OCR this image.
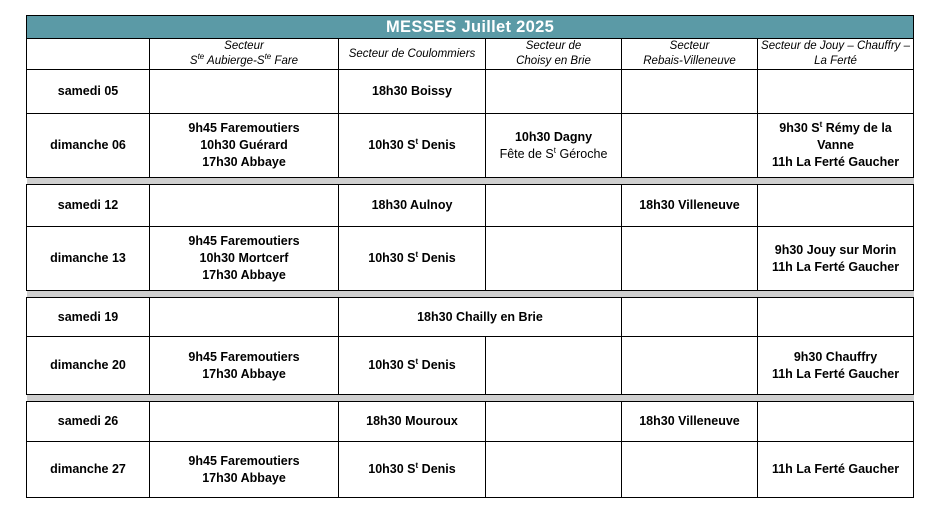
MESSES Juillet 2025					
	Secteur
$S^{te}$ Aubierge-$S^{te}$ Fare	Secteur de Coulommiers	Secteur de
Choisy en Brie	Secteur
Rebais-Villeneuve	Secteur de Jouy – Chauffry –
La Ferté
samedi 05		18h30 Boissy			
dimanche 06	9h45 Faremoutiers
10h30 Guérard
17h30 Abbaye	10h30 $S^t$ Denis	10h30 Dagny
Fête de $S^t$ Géroche		9h30 $S^t$ Rémy de la Vanne
11h La Ferté Gaucher

samedi 12		18h30 Aulnoy		18h30 Villeneuve	
dimanche 13	9h45 Faremoutiers
10h30 Mortcerf
17h30 Abbaye	10h30 $S^t$ Denis			9h30 Jouy sur Morin
11h La Ferté Gaucher

samedi 19		18h30 Chailly en Brie			
dimanche 20	9h45 Faremoutiers
17h30 Abbaye	10h30 $S^t$ Denis			9h30 Chauffry
11h La Ferté Gaucher

samedi 26		18h30 Mouroux		18h30 Villeneuve	
dimanche 27	9h45 Faremoutiers
17h30 Abbaye	10h30 $S^t$ Denis			11h La Ferté Gaucher
